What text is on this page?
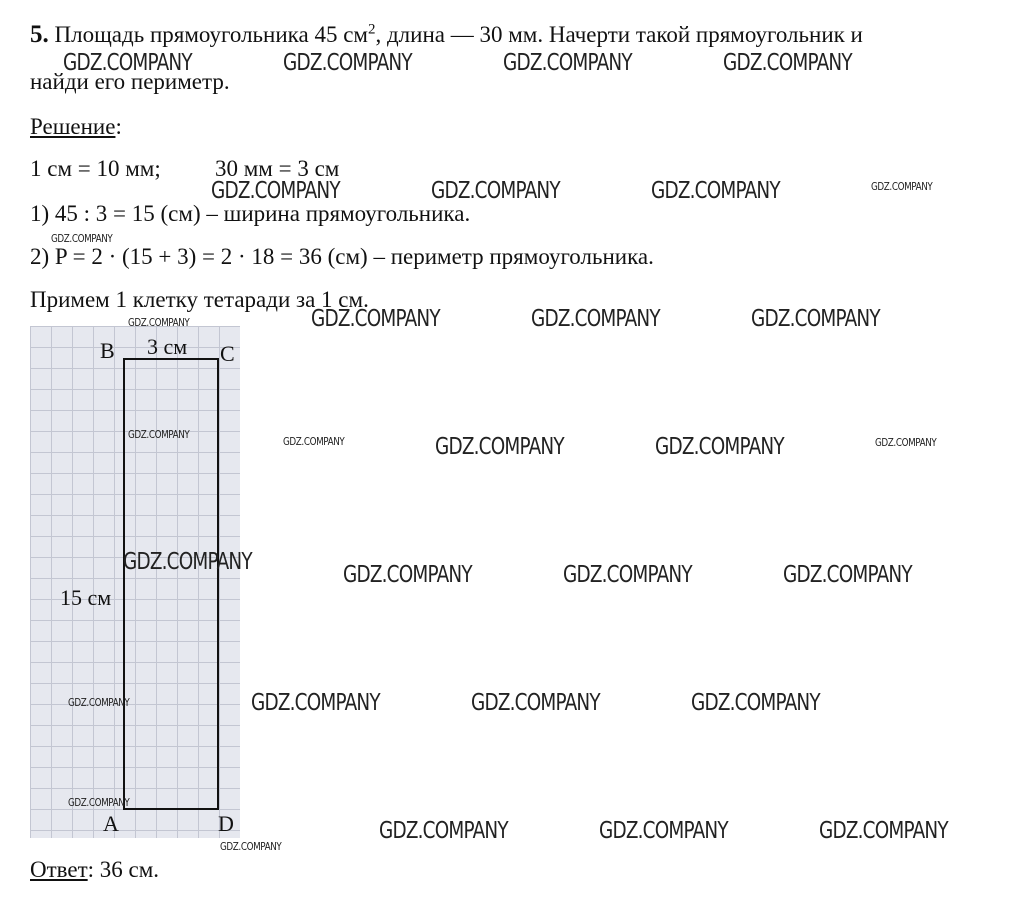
5. Площадь прямоугольника 45 $см^2$, длина — 30 мм. Начерти такой прямоугольник и
найди его периметр.
Решение:
1 см = 10 мм; 30 мм = 3 см
1) 45 : 3 = 15 (см) – ширина прямоугольника.
2) P = 2 · (15 + 3) = 2 · 18 = 36 (см) – периметр прямоугольника.
Примем 1 клетку тетаради за 1 см.
B 3 см C
15 см
A	D
Ответ: 36 см.
GDZ.COMPANY	GDZ.COMPANY	GDZ.COMPANY	GDZ.COMPANY
GDZ.COMPANY	GDZ.COMPANY	GDZ.COMPANY	GDZ.COMPANY
GDZ.COMPANY
GDZ.COMPANY	GDZ.COMPANY	GDZ.COMPANY	GDZ.COMPANY
GDZ.COMPANY
GDZ.COMPANY	GDZ.COMPANY	GDZ.COMPANY	GDZ.COMPANY
GDZ.COMPANY	GDZ.COMPANY	GDZ.COMPANY	GDZ.COMPANY
GDZ.COMPANY	GDZ.COMPANY	GDZ.COMPANY	GDZ.COMPANY
GDZ.COMPANY
GDZ.COMPANY	GDZ.COMPANY	GDZ.COMPANY
GDZ.COMPANY
